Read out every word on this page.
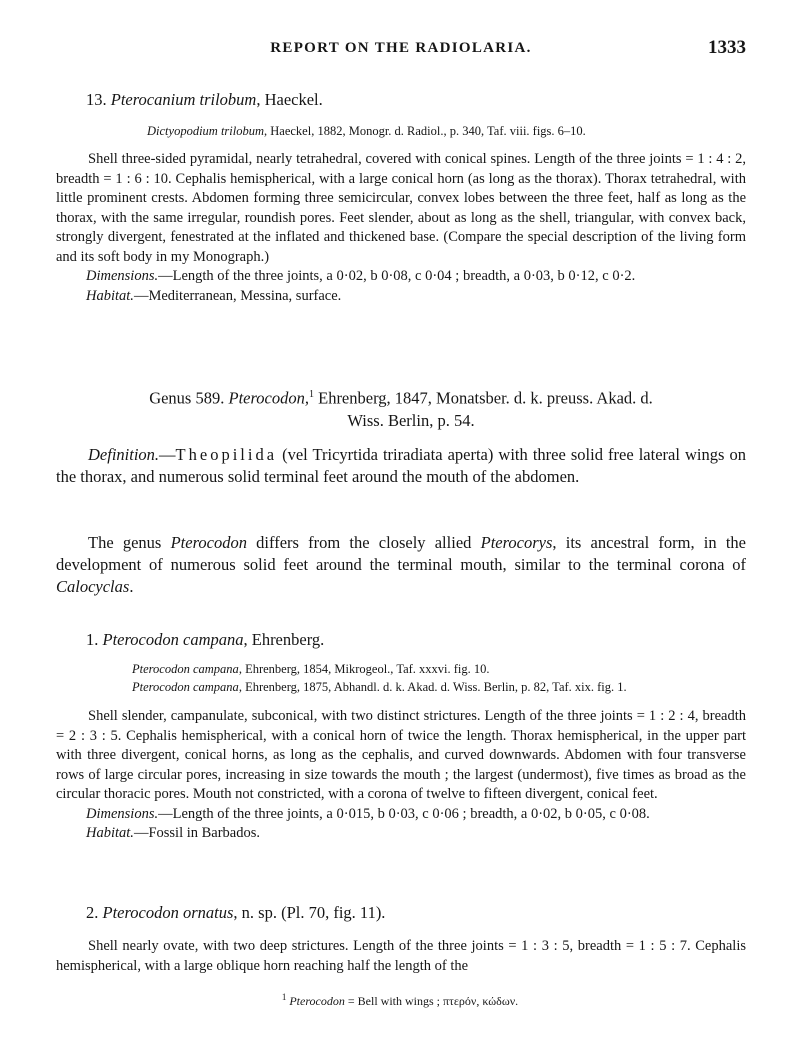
REPORT ON THE RADIOLARIA.	1333
13. Pterocanium trilobum, Haeckel.
Dictyopodium trilobum, Haeckel, 1882, Monogr. d. Radiol., p. 340, Taf. viii. figs. 6–10.

Shell three-sided pyramidal, nearly tetrahedral, covered with conical spines. Length of the three joints = 1 : 4 : 2, breadth = 1 : 6 : 10. Cephalis hemispherical, with a large conical horn (as long as the thorax). Thorax tetrahedral, with little prominent crests. Abdomen forming three semicircular, convex lobes between the three feet, half as long as the thorax, with the same irregular, roundish pores. Feet slender, about as long as the shell, triangular, with convex back, strongly divergent, fenestrated at the inflated and thickened base. (Compare the special description of the living form and its soft body in my Monograph.)

Dimensions.—Length of the three joints, a 0·02, b 0·08, c 0·04 ; breadth, a 0·03, b 0·12, c 0·2.

Habitat.—Mediterranean, Messina, surface.

Genus 589. Pterocodon,$^1$ Ehrenberg, 1847, Monatsber. d. k. preuss. Akad. d.
Wiss. Berlin, p. 54.

Definition.—Theopilida (vel Tricyrtida triradiata aperta) with three solid free lateral wings on the thorax, and numerous solid terminal feet around the mouth of the abdomen.

The genus Pterocodon differs from the closely allied Pterocorys, its ancestral form, in the development of numerous solid feet around the terminal mouth, similar to the terminal corona of Calocyclas.

1. Pterocodon campana, Ehrenberg.
Pterocodon campana, Ehrenberg, 1854, Mikrogeol., Taf. xxxvi. fig. 10.
Pterocodon campana, Ehrenberg, 1875, Abhandl. d. k. Akad. d. Wiss. Berlin, p. 82, Taf. xix. fig. 1.

Shell slender, campanulate, subconical, with two distinct strictures. Length of the three joints = 1 : 2 : 4, breadth = 2 : 3 : 5. Cephalis hemispherical, with a conical horn of twice the length. Thorax hemispherical, in the upper part with three divergent, conical horns, as long as the cephalis, and curved downwards. Abdomen with four transverse rows of large circular pores, increasing in size towards the mouth ; the largest (undermost), five times as broad as the circular thoracic pores. Mouth not constricted, with a corona of twelve to fifteen divergent, conical feet.

Dimensions.—Length of the three joints, a 0·015, b 0·03, c 0·06 ; breadth, a 0·02, b 0·05, c 0·08.

Habitat.—Fossil in Barbados.

2. Pterocodon ornatus, n. sp. (Pl. 70, fig. 11).

Shell nearly ovate, with two deep strictures. Length of the three joints = 1 : 3 : 5, breadth = 1 : 5 : 7. Cephalis hemispherical, with a large oblique horn reaching half the length of the

$^1$ Pterocodon = Bell with wings ; πτερόν, κώδων.
